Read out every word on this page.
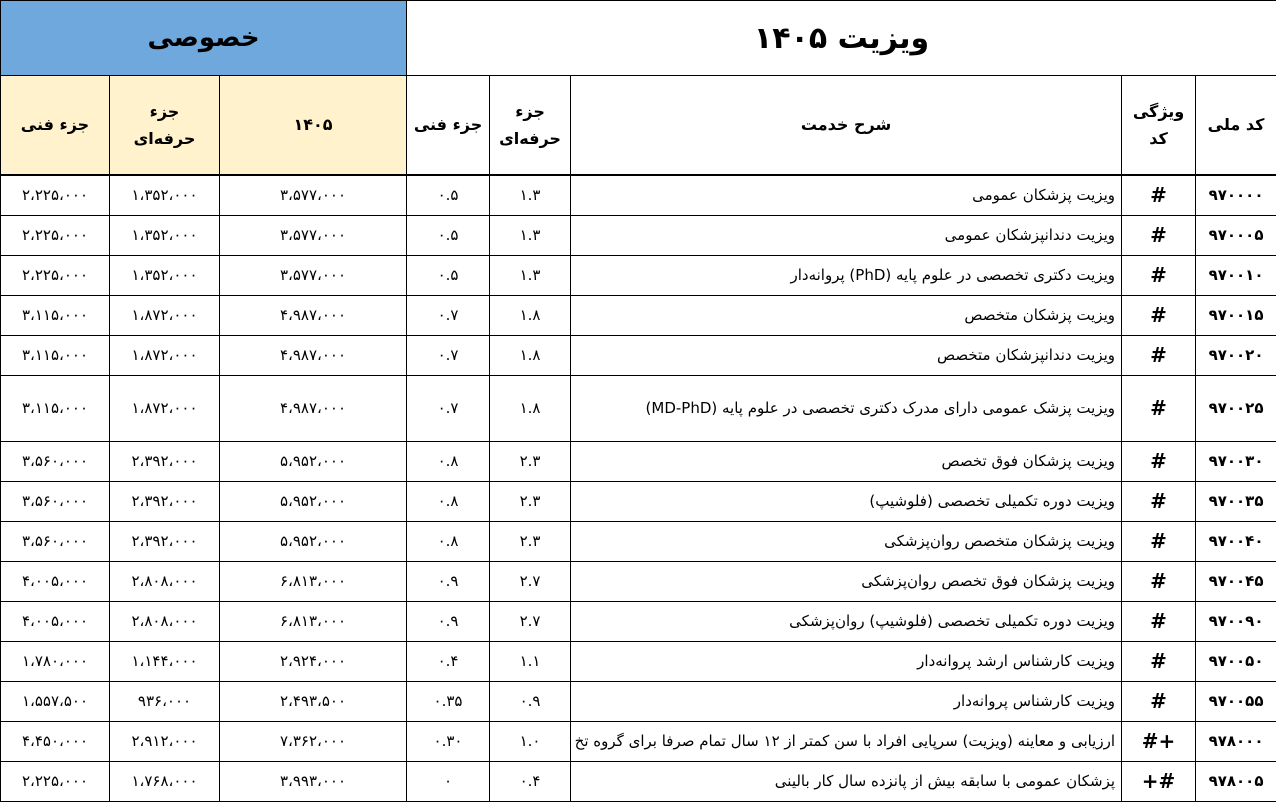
خصوصی			ویزیت ۱۴۰۵				
جزء فنی	جزء حرفه‌ای	۱۴۰۵	جزء فنی	جزء حرفه‌ای	شرح خدمت	ویژگی کد	کد ملی
۲،۲۲۵،۰۰۰	۱،۳۵۲،۰۰۰	۳،۵۷۷،۰۰۰	۰.۵	۱.۳	ویزیت پزشکان عمومی	#	۹۷۰۰۰۰
۲،۲۲۵،۰۰۰	۱،۳۵۲،۰۰۰	۳،۵۷۷،۰۰۰	۰.۵	۱.۳	ویزیت دندانپزشکان عمومی	#	۹۷۰۰۰۵
۲،۲۲۵،۰۰۰	۱،۳۵۲،۰۰۰	۳،۵۷۷،۰۰۰	۰.۵	۱.۳	ویزیت دکتری تخصصی در علوم پایه (PhD) پروانه‌دار	#	۹۷۰۰۱۰
۳،۱۱۵،۰۰۰	۱،۸۷۲،۰۰۰	۴،۹۸۷،۰۰۰	۰.۷	۱.۸	ویزیت پزشکان متخصص	#	۹۷۰۰۱۵
۳،۱۱۵،۰۰۰	۱،۸۷۲،۰۰۰	۴،۹۸۷،۰۰۰	۰.۷	۱.۸	ویزیت دندانپزشکان متخصص	#	۹۷۰۰۲۰
۳،۱۱۵،۰۰۰	۱،۸۷۲،۰۰۰	۴،۹۸۷،۰۰۰	۰.۷	۱.۸	ویزیت پزشک عمومی دارای مدرک دکتری تخصصی در علوم پایه (MD-PhD)	#	۹۷۰۰۲۵
۳،۵۶۰،۰۰۰	۲،۳۹۲،۰۰۰	۵،۹۵۲،۰۰۰	۰.۸	۲.۳	ویزیت پزشکان فوق تخصص	#	۹۷۰۰۳۰
۳،۵۶۰،۰۰۰	۲،۳۹۲،۰۰۰	۵،۹۵۲،۰۰۰	۰.۸	۲.۳	ویزیت دوره تکمیلی تخصصی (فلوشیپ)	#	۹۷۰۰۳۵
۳،۵۶۰،۰۰۰	۲،۳۹۲،۰۰۰	۵،۹۵۲،۰۰۰	۰.۸	۲.۳	ویزیت پزشکان متخصص روان‌پزشکی	#	۹۷۰۰۴۰
۴،۰۰۵،۰۰۰	۲،۸۰۸،۰۰۰	۶،۸۱۳،۰۰۰	۰.۹	۲.۷	ویزیت پزشکان فوق تخصص روان‌پزشکی	#	۹۷۰۰۴۵
۴،۰۰۵،۰۰۰	۲،۸۰۸،۰۰۰	۶،۸۱۳،۰۰۰	۰.۹	۲.۷	ویزیت دوره تکمیلی تخصصی (فلوشیپ) روان‌پزشکی	#	۹۷۰۰۹۰
۱،۷۸۰،۰۰۰	۱،۱۴۴،۰۰۰	۲،۹۲۴،۰۰۰	۰.۴	۱.۱	ویزیت کارشناس ارشد پروانه‌دار	#	۹۷۰۰۵۰
۱،۵۵۷،۵۰۰	۹۳۶،۰۰۰	۲،۴۹۳،۵۰۰	۰.۳۵	۰.۹	ویزیت کارشناس پروانه‌دار	#	۹۷۰۰۵۵
۴،۴۵۰،۰۰۰	۲،۹۱۲،۰۰۰	۷،۳۶۲،۰۰۰	۰.۳۰	۱.۰	ارزیابی و معاینه (ویزیت) سرپایی افراد با سن کمتر از ۱۲ سال تمام صرفا برای گروه تخ	#+	۹۷۸۰۰۰
۲،۲۲۵،۰۰۰	۱،۷۶۸،۰۰۰	۳،۹۹۳،۰۰۰	۰	۰.۴	پزشکان عمومی با سابقه بیش از پانزده سال کار بالینی	+#	۹۷۸۰۰۵
